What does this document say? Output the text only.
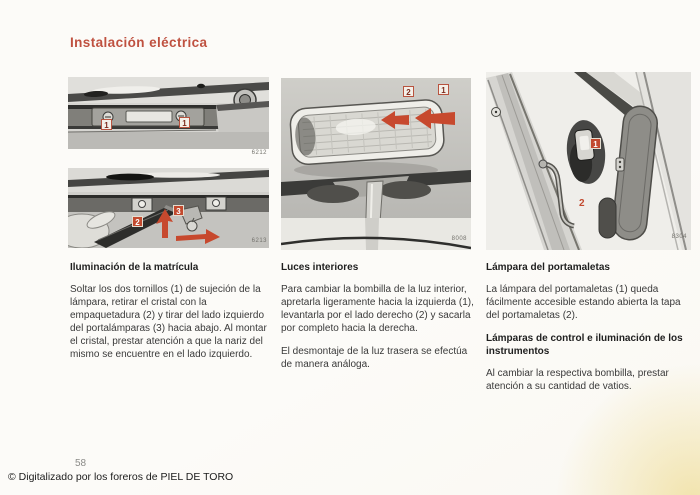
Instalación eléctrica
1	1
6212
2
3
6213
2	1
8008
1
2
8304
Iluminación de la matrícula

Soltar los dos tornillos (1) de sujeción de la lámpara, retirar el cristal con la empaquetadura (2) y tirar del lado izquierdo del portalámparas (3) hacia abajo. Al montar el cristal, prestar atención a que la nariz del mismo se encuentre en el lado izquierdo.

Luces interiores

Para cambiar la bombilla de la luz interior, apretarla ligeramente hacia la izquierda (1), levantarla por el lado derecho (2) y sacarla por completo hacia la derecha.

El desmontaje de la luz trasera se efectúa de manera análoga.

Lámpara del portamaletas

La lámpara del portamaletas (1) queda fácilmente accesible estando abierta la tapa del portamaletas (2).

Lámparas de control e iluminación de los instrumentos

Al cambiar la respectiva bombilla, prestar atención a su cantidad de vatios.

58
© Digitalizado por los foreros de PIEL DE TORO
